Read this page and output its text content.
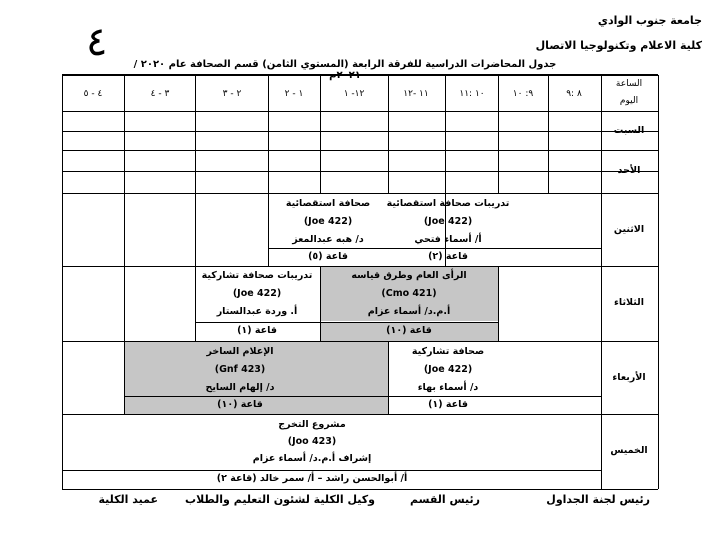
جامعة جنوب الوادي
كلية الاعلام وتكنولوجيا الاتصال
٤	جدول المحاضرات الدراسية للفرقة الرابعة (المستوي الثامن) قسم الصحافة عام ٢٠٢٠ /
الساعة
اليوم
٨ :٩
٩: ١٠
١٠ :١١
١١ -١٢
١٢- ١
١ - ٢
٢ - ٣
٣ - ٤
٤ - ٥
السبت
الأحد
الاثنين
الثلاثاء
الأربعاء
الخميس
تدريبات صحافة استقصائية
(Joe 422)
أ/ أسماء فتحي
قاعة (٢)
صحافة استقصائية
(Joe 422)
د/ هبه عبدالمعز
قاعة (٥)
الرأى العام وطرق قياسه
(Cmo 421)
أ.م.د/ أسماء عزام
قاعة (١٠)
تدريبات صحافة تشاركية
(Joe 422)
أ. وردة عبدالستار
قاعة (١)
صحافة تشاركية
(Joe 422)
د/ أسماء بهاء
قاعة (١)
الإعلام الساخر
(Gnf 423)
د/ إلهام السايح
قاعة (١٠)
مشروع التخرج
(Joo 423)
إشراف أ.م.د/ أسماء عزام
أ/ أبوالحسن راشد – أ/ سمر خالد (قاعة ٢)
رئيس لجنة الجداول
رئيس القسم
وكيل الكلية لشئون التعليم والطلاب
عميد الكلية
